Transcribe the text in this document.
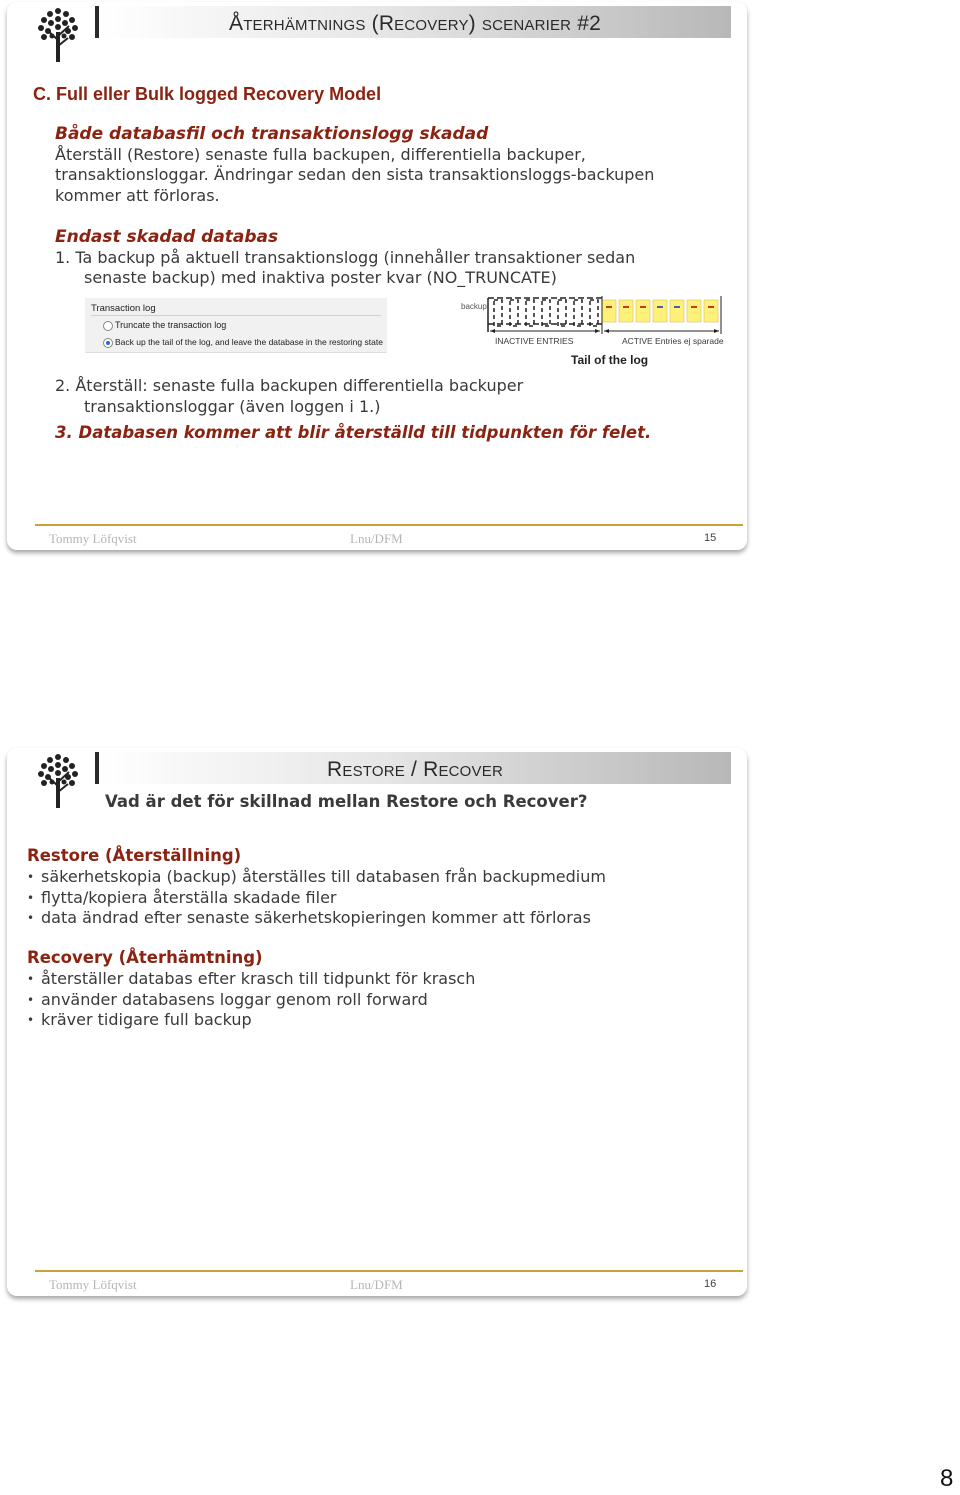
Återhämtnings (Recovery) scenarier #2
C. Full eller Bulk logged Recovery Model
Både databasfil och transaktionslogg skadad
Återställ (Restore) senaste fulla backupen, differentiella backuper,
transaktionsloggar. Ändringar sedan den sista transaktionsloggs-backupen
kommer att förloras.
Endast skadad databas
1. Ta backup på aktuell transaktionslogg (innehåller transaktioner sedan
senaste backup) med inaktiva poster kvar (NO_TRUNCATE)
Transaction log
Truncate the transaction log
Back up the tail of the log, and leave the database in the restoring state
backup
INACTIVE ENTRIES	ACTIVE Entries ej sparade
Tail of the log
2. Återställ: senaste fulla backupen differentiella backuper
transaktionsloggar (även loggen i 1.)
3. Databasen kommer att blir återställd till tidpunkten för felet.
Tommy Löfqvist	Lnu/DFM	15
Restore / Recover
Vad är det för skillnad mellan Restore och Recover?
Restore (Återställning)
• säkerhetskopia (backup) återställes till databasen från backupmedium
• flytta/kopiera återställa skadade filer
• data ändrad efter senaste säkerhetskopieringen kommer att förloras
Recovery (Återhämtning)
• återställer databas efter krasch till tidpunkt för krasch
• använder databasens loggar genom roll forward
• kräver tidigare full backup
Tommy Löfqvist	Lnu/DFM	16
8
